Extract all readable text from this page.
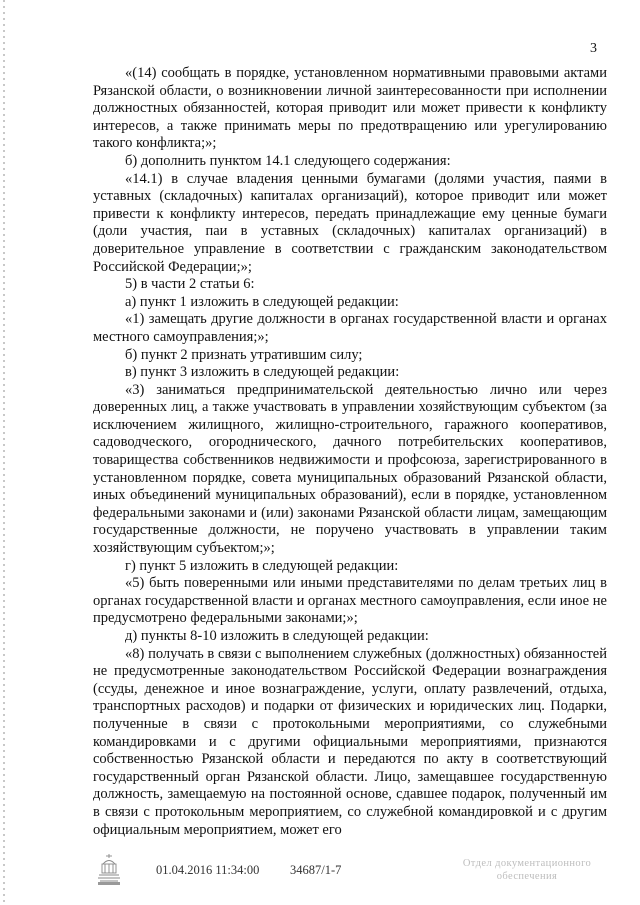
3

«(14) сообщать в порядке, установленном нормативными правовыми актами Рязанской области, о возникновении личной заинтересованности при исполнении должностных обязанностей, которая приводит или может привести к конфликту интересов, а также принимать меры по предотвращению или урегулированию такого конфликта;»;

б) дополнить пунктом 14.1 следующего содержания:

«14.1) в случае владения ценными бумагами (долями участия, паями в уставных (складочных) капиталах организаций), которое приводит или может привести к конфликту интересов, передать принадлежащие ему ценные бумаги (доли участия, паи в уставных (складочных) капиталах организаций) в доверительное управление в соответствии с гражданским законодательством Российской Федерации;»;

5) в части 2 статьи 6:

а) пункт 1 изложить в следующей редакции:

«1) замещать другие должности в органах государственной власти и органах местного самоуправления;»;

б) пункт 2 признать утратившим силу;

в) пункт 3 изложить в следующей редакции:

«3) заниматься предпринимательской деятельностью лично или через доверенных лиц, а также участвовать в управлении хозяйствующим субъектом (за исключением жилищного, жилищно-строительного, гаражного кооперативов, садоводческого, огороднического, дачного потребительских кооперативов, товарищества собственников недвижимости и профсоюза, зарегистрированного в установленном порядке, совета муниципальных образований Рязанской области, иных объединений муниципальных образований), если в порядке, установленном федеральными законами и (или) законами Рязанской области лицам, замещающим государственные должности, не поручено участвовать в управлении таким хозяйствующим субъектом;»;

г) пункт 5 изложить в следующей редакции:

«5) быть поверенными или иными представителями по делам третьих лиц в органах государственной власти и органах местного самоуправления, если иное не предусмотрено федеральными законами;»;

д) пункты 8-10 изложить в следующей редакции:

«8) получать в связи с выполнением служебных (должностных) обязанностей не предусмотренные законодательством Российской Федерации вознаграждения (ссуды, денежное и иное вознаграждение, услуги, оплату развлечений, отдыха, транспортных расходов) и подарки от физических и юридических лиц. Подарки, полученные в связи с протокольными мероприятиями, со служебными командировками и с другими официальными мероприятиями, признаются собственностью Рязанской области и передаются по акту в соответствующий государственный орган Рязанской области. Лицо, замещавшее государственную должность, замещаемую на постоянной основе, сдавшее подарок, полученный им в связи с протокольным мероприятием, со служебной командировкой и с другим официальным мероприятием, может его

01.04.2016 11:34:00 34687/1-7	Отдел документационного
обеспечения
